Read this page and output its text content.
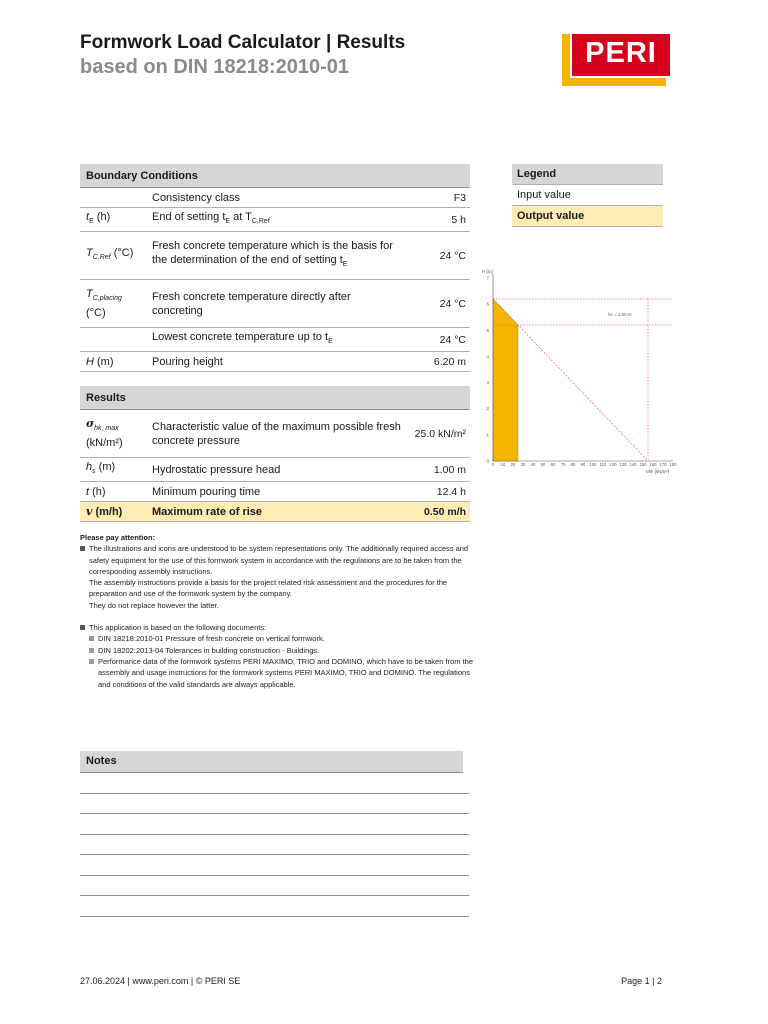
Formwork Load Calculator | Results
based on DIN 18218:2010-01	PERI
Boundary Conditions		
	Consistency class	F3
$t_E$ (h)	End of setting $t_E$ at $T_{C,Ref}$	5 h
$T_{C,Ref}$ (°C)	Fresh concrete temperature which is the basis for the determination of the end of setting $t_E$	24 °C
$T_{C,placing}$ (°C)	Fresh concrete temperature directly after concreting	24 °C
	Lowest concrete temperature up to $t_E$	24 °C
H (m)	Pouring height	6.20 m
Results		
$\sigma_{hk, max}$
(kN/m²)	Characteristic value of the maximum possible fresh concrete pressure	25.0 kN/m²
$h_s$ (m)	Hydrostatic pressure head	1.00 m
t (h)	Minimum pouring time	12.4 h
v (m/h)	Maximum rate of rise	0.50 m/h
Legend
Input value
Output value
0
1
2
3
4
5
6
7
0 10 20 30 40 50 60 70 80 90 100 110 120 130 140 150 160 170 180
H [m]
σhk [kN/m²]
hs = 1.00 m
Please pay attention:
The illustrations and icons are understood to be system representations only. The additionally required access and safety equipment for the use of this formwork system in accordance with the regulations are to be taken from the corresponding assembly instructions.
The assembly instructions provide a basis for the project related risk assessment and the procedures for the preparation and use of the formwork system by the company.
They do not replace however the latter.
This application is based on the following documents:
DIN 18218:2010-01 Pressure of fresh concrete on vertical formwork.
DIN 18202:2013-04 Tolerances in building construction - Buildings.
Performance data of the formwork systems PERI MAXIMO, TRIO and DOMINO, which have to be taken from the assembly and usage instructions for the formwork systems PERI MAXIMO, TRIO and DOMINO. The regulations and conditions of the valid standards are always applicable.
Notes
27.06.2024 | www.peri.com | © PERI SE	Page 1 | 2
